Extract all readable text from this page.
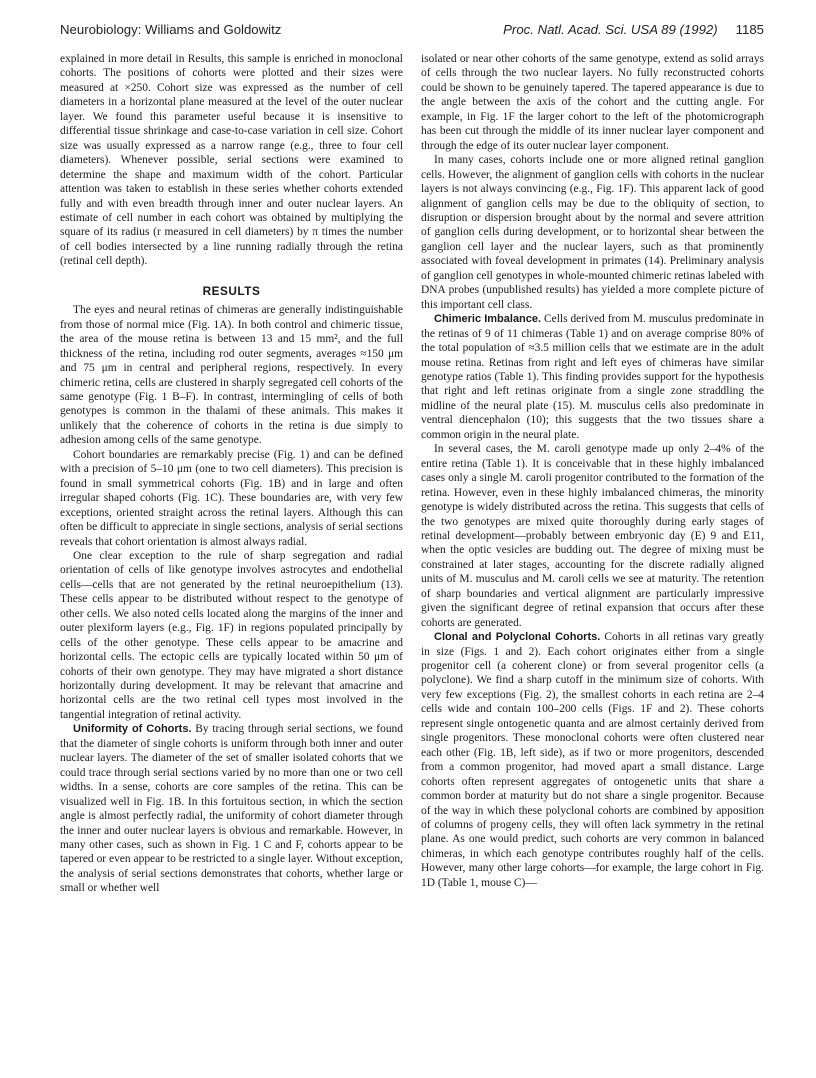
Neurobiology: Williams and Goldowitz	Proc. Natl. Acad. Sci. USA 89 (1992) 1185

explained in more detail in Results, this sample is enriched in monoclonal cohorts. The positions of cohorts were plotted and their sizes were measured at ×250. Cohort size was expressed as the number of cell diameters in a horizontal plane measured at the level of the outer nuclear layer. We found this parameter useful because it is insensitive to differential tissue shrinkage and case-to-case variation in cell size. Cohort size was usually expressed as a narrow range (e.g., three to four cell diameters). Whenever possible, serial sections were examined to determine the shape and maximum width of the cohort. Particular attention was taken to establish in these series whether cohorts extended fully and with even breadth through inner and outer nuclear layers. An estimate of cell number in each cohort was obtained by multiplying the square of its radius (r measured in cell diameters) by π times the number of cell bodies intersected by a line running radially through the retina (retinal cell depth).

RESULTS

The eyes and neural retinas of chimeras are generally indistinguishable from those of normal mice (Fig. 1A). In both control and chimeric tissue, the area of the mouse retina is between 13 and 15 mm², and the full thickness of the retina, including rod outer segments, averages ≈150 μm and 75 μm in central and peripheral regions, respectively. In every chimeric retina, cells are clustered in sharply segregated cell cohorts of the same genotype (Fig. 1 B–F). In contrast, intermingling of cells of both genotypes is common in the thalami of these animals. This makes it unlikely that the coherence of cohorts in the retina is due simply to adhesion among cells of the same genotype.

Cohort boundaries are remarkably precise (Fig. 1) and can be defined with a precision of 5–10 μm (one to two cell diameters). This precision is found in small symmetrical cohorts (Fig. 1B) and in large and often irregular shaped cohorts (Fig. 1C). These boundaries are, with very few exceptions, oriented straight across the retinal layers. Although this can often be difficult to appreciate in single sections, analysis of serial sections reveals that cohort orientation is almost always radial.

One clear exception to the rule of sharp segregation and radial orientation of cells of like genotype involves astrocytes and endothelial cells—cells that are not generated by the retinal neuroepithelium (13). These cells appear to be distributed without respect to the genotype of other cells. We also noted cells located along the margins of the inner and outer plexiform layers (e.g., Fig. 1F) in regions populated principally by cells of the other genotype. These cells appear to be amacrine and horizontal cells. The ectopic cells are typically located within 50 μm of cohorts of their own genotype. They may have migrated a short distance horizontally during development. It may be relevant that amacrine and horizontal cells are the two retinal cell types most involved in the tangential integration of retinal activity.

Uniformity of Cohorts. By tracing through serial sections, we found that the diameter of single cohorts is uniform through both inner and outer nuclear layers. The diameter of the set of smaller isolated cohorts that we could trace through serial sections varied by no more than one or two cell widths. In a sense, cohorts are core samples of the retina. This can be visualized well in Fig. 1B. In this fortuitous section, in which the section angle is almost perfectly radial, the uniformity of cohort diameter through the inner and outer nuclear layers is obvious and remarkable. However, in many other cases, such as shown in Fig. 1 C and F, cohorts appear to be tapered or even appear to be restricted to a single layer. Without exception, the analysis of serial sections demonstrates that cohorts, whether large or small or whether well

isolated or near other cohorts of the same genotype, extend as solid arrays of cells through the two nuclear layers. No fully reconstructed cohorts could be shown to be genuinely tapered. The tapered appearance is due to the angle between the axis of the cohort and the cutting angle. For example, in Fig. 1F the larger cohort to the left of the photomicrograph has been cut through the middle of its inner nuclear layer component and through the edge of its outer nuclear layer component.

In many cases, cohorts include one or more aligned retinal ganglion cells. However, the alignment of ganglion cells with cohorts in the nuclear layers is not always convincing (e.g., Fig. 1F). This apparent lack of good alignment of ganglion cells may be due to the obliquity of section, to disruption or dispersion brought about by the normal and severe attrition of ganglion cells during development, or to horizontal shear between the ganglion cell layer and the nuclear layers, such as that prominently associated with foveal development in primates (14). Preliminary analysis of ganglion cell genotypes in whole-mounted chimeric retinas labeled with DNA probes (unpublished results) has yielded a more complete picture of this important cell class.

Chimeric Imbalance. Cells derived from M. musculus predominate in the retinas of 9 of 11 chimeras (Table 1) and on average comprise 80% of the total population of ≈3.5 million cells that we estimate are in the adult mouse retina. Retinas from right and left eyes of chimeras have similar genotype ratios (Table 1). This finding provides support for the hypothesis that right and left retinas originate from a single zone straddling the midline of the neural plate (15). M. musculus cells also predominate in ventral diencephalon (10); this suggests that the two tissues share a common origin in the neural plate.

In several cases, the M. caroli genotype made up only 2–4% of the entire retina (Table 1). It is conceivable that in these highly imbalanced cases only a single M. caroli progenitor contributed to the formation of the retina. However, even in these highly imbalanced chimeras, the minority genotype is widely distributed across the retina. This suggests that cells of the two genotypes are mixed quite thoroughly during early stages of retinal development—probably between embryonic day (E) 9 and E11, when the optic vesicles are budding out. The degree of mixing must be constrained at later stages, accounting for the discrete radially aligned units of M. musculus and M. caroli cells we see at maturity. The retention of sharp boundaries and vertical alignment are particularly impressive given the significant degree of retinal expansion that occurs after these cohorts are generated.

Clonal and Polyclonal Cohorts. Cohorts in all retinas vary greatly in size (Figs. 1 and 2). Each cohort originates either from a single progenitor cell (a coherent clone) or from several progenitor cells (a polyclone). We find a sharp cutoff in the minimum size of cohorts. With very few exceptions (Fig. 2), the smallest cohorts in each retina are 2–4 cells wide and contain 100–200 cells (Figs. 1F and 2). These cohorts represent single ontogenetic quanta and are almost certainly derived from single progenitors. These monoclonal cohorts were often clustered near each other (Fig. 1B, left side), as if two or more progenitors, descended from a common progenitor, had moved apart a small distance. Large cohorts often represent aggregates of ontogenetic units that share a common border at maturity but do not share a single progenitor. Because of the way in which these polyclonal cohorts are combined by apposition of columns of progeny cells, they will often lack symmetry in the retinal plane. As one would predict, such cohorts are very common in balanced chimeras, in which each genotype contributes roughly half of the cells. However, many other large cohorts—for example, the large cohort in Fig. 1D (Table 1, mouse C)—
